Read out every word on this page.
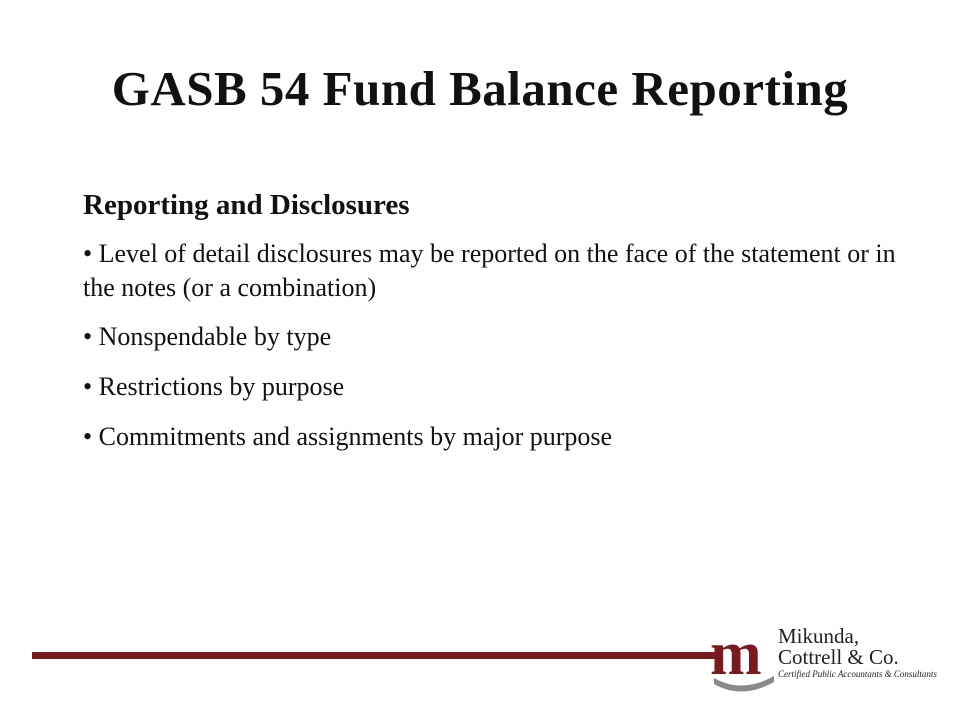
GASB 54 Fund Balance Reporting
Reporting and Disclosures
• Level of detail disclosures may be reported on the face of the statement or in the notes (or a combination)
• Nonspendable by type
• Restrictions by purpose
• Commitments and assignments by major purpose
m Mikunda,
Cottrell & Co.
Certified Public Accountants & Consultants
